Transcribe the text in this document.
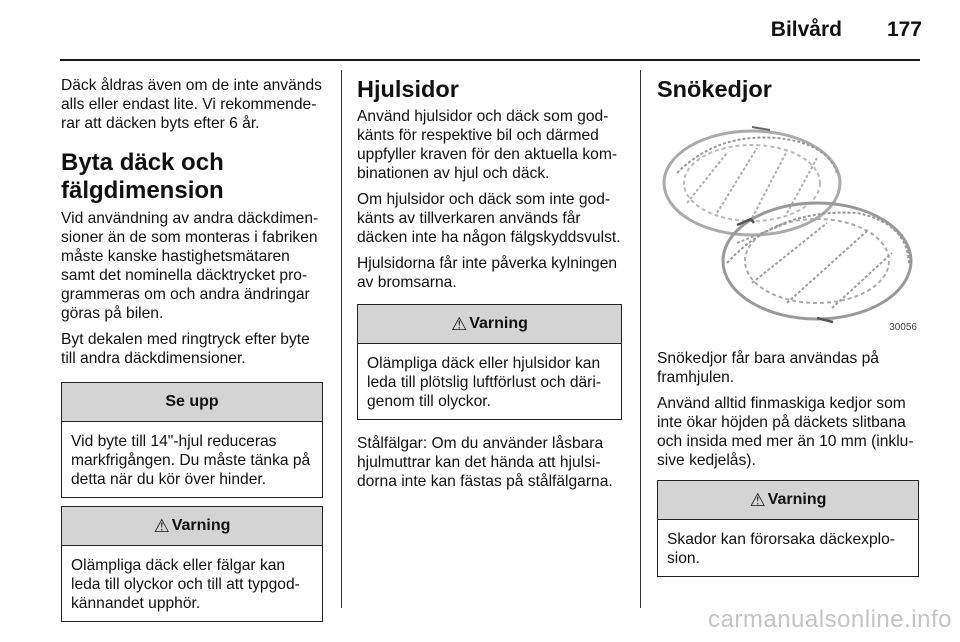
Bilvård 177

Däck åldras även om de inte används alls eller endast lite. Vi rekommenderar att däcken byts efter 6 år.

Byta däck och fälgdimension

Vid användning av andra däckdimensioner än de som monteras i fabriken måste kanske hastighetsmätaren samt det nominella däcktrycket programmeras om och andra ändringar göras på bilen.

Byt dekalen med ringtryck efter byte till andra däckdimensioner.

Se upp
Vid byte till 14"-hjul reduceras markfrigången. Du måste tänka på detta när du kör över hinder.
⚠ Varning
Olämpliga däck eller fälgar kan leda till olyckor och till att typgodkännandet upphör.
Hjulsidor

Använd hjulsidor och däck som godkänts för respektive bil och därmed uppfyller kraven för den aktuella kombinationen av hjul och däck.

Om hjulsidor och däck som inte godkänts av tillverkaren används får däcken inte ha någon fälgskyddsvulst.

Hjulsidorna får inte påverka kylningen av bromsarna.

⚠ Varning
Olämpliga däck eller hjulsidor kan leda till plötslig luftförlust och därigenom till olyckor.

Stålfälgar: Om du använder låsbara hjulmuttrar kan det hända att hjulsidorna inte kan fästas på stålfälgarna.

Snökedjor
30056

Snökedjor får bara användas på framhjulen.

Använd alltid finmaskiga kedjor som inte ökar höjden på däckets slitbana och insida med mer än 10 mm (inklusive kedjelås).

⚠ Varning
Skador kan förorsaka däckexplosion.
carmanualsonline.info
